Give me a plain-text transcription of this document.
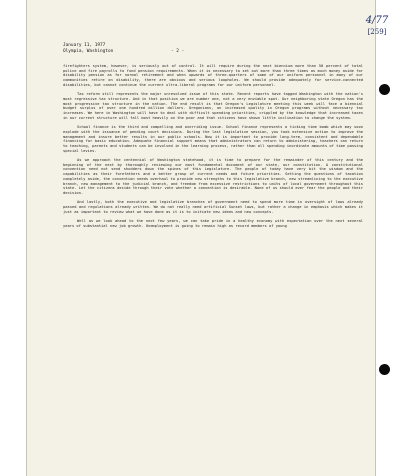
4/77
[259]
January 11, 1977
Olympia, Washington	- 2 -

firefighters system, however, is seriously out of control. It will require during the next biennium more than 50 percent of total police and fire payrolls to fund pension requirements. When it is necessary to set out more than three times as much money aside for disability pension as for normal retirement and when upwards of three-quarters of some of our uniform personnel in many of our communities retire on disability, there are obvious and serious loopholes. We should provide adequately for service-connected disabilities, but cannot continue the current ultra-liberal programs for our uniform personnel.

Tax reform still represents the major unresolved issue of this state. Recent reports have tagged Washington with the nation's most regressive tax structure. And in that position we are number one, not a very enviable spot. Our neighboring state Oregon has the most progressive tax structure in the nation. The end result is that Oregon's Legislature meeting this week will face a biennial budget surplus of over one hundred million dollars. Oregonians, on increased quality in Oregon programs without necessary tax increases. We here in Washington will have to deal with difficult spending priorities, crippled by the knowledge that increased taxes in our current structure will fall most heavily on the poor and that citizens have shown little inclination to change the system.

School finance is the third and compelling and overriding issue. School finance represents a ticking time bomb which may soon explode with the issuance of pending court decisions. During the last legislative session, you took extensive action to improve the management and insure better results in our public schools. Now it is important to provide long-term, consistent and dependable financing for basic education. Adequate financial support means that administrators can return to administering, teachers can return to teaching, parents and students can be involved in the learning process, rather than all spending inordinate amounts of time passing special levies.

As we approach the centennial of Washington statehood, it is time to prepare for the remainder of this century and the beginning of the next by thoroughly reviewing our most fundamental document of our state, our constitution. A constitutional convention need not send shudders down the spines of this Legislature. The people of today have very bit the wisdom and the capabilities as their forefathers and a better grasp of current needs and future priorities. Setting the questions of taxation completely aside, the convention needs overhaul to provide new strengths to this legislative branch, new streamlining to the executive branch, new management to the judicial branch, and freedom from excessive restrictions to units of local government throughout this state. Let the citizens decide through their vote whether a convention is desirable. None of us should ever fear the people and their decision.

And lastly, both the executive and legislative branches of government need to spend more time in oversight of laws already passed and regulations already written. We do not really need artificial Sunset laws, but rather a change in emphasis which makes it just as important to review what we have done as it is to initiate new ideas and new concepts.

Well as we look ahead to the next few years, we can take pride in a healthy economy with expectation over the next several years of substantial new job growth. Unemployment is going to remain high as record members of young
